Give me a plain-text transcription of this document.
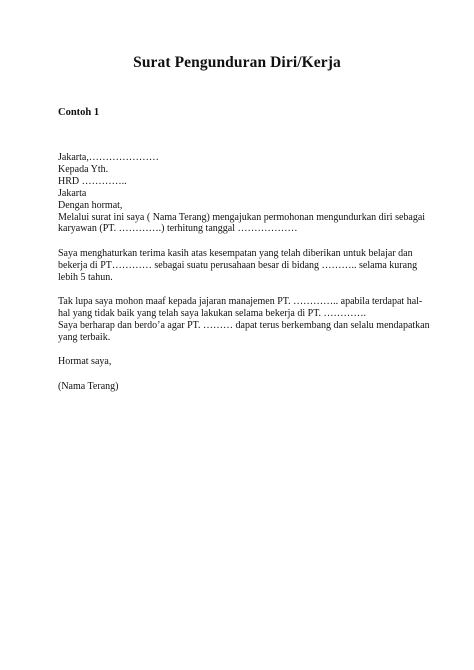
Surat Pengunduran Diri/Kerja
Contoh 1
Jakarta,…………………
Kepada Yth.
HRD …………..
Jakarta
Dengan hormat,
Melalui surat ini saya ( Nama Terang) mengajukan permohonan mengundurkan diri sebagai
karyawan (PT. ………….) terhitung tanggal ………………
Saya menghaturkan terima kasih atas kesempatan yang telah diberikan untuk belajar dan
bekerja di PT………… sebagai suatu perusahaan besar di bidang ……….. selama kurang
lebih 5 tahun.
Tak lupa saya mohon maaf kepada jajaran manajemen PT. ………….. apabila terdapat hal-
hal yang tidak baik yang telah saya lakukan selama bekerja di PT. ………….
Saya berharap dan berdo’a agar PT. ……… dapat terus berkembang dan selalu mendapatkan
yang terbaik.
Hormat saya,
(Nama Terang)
